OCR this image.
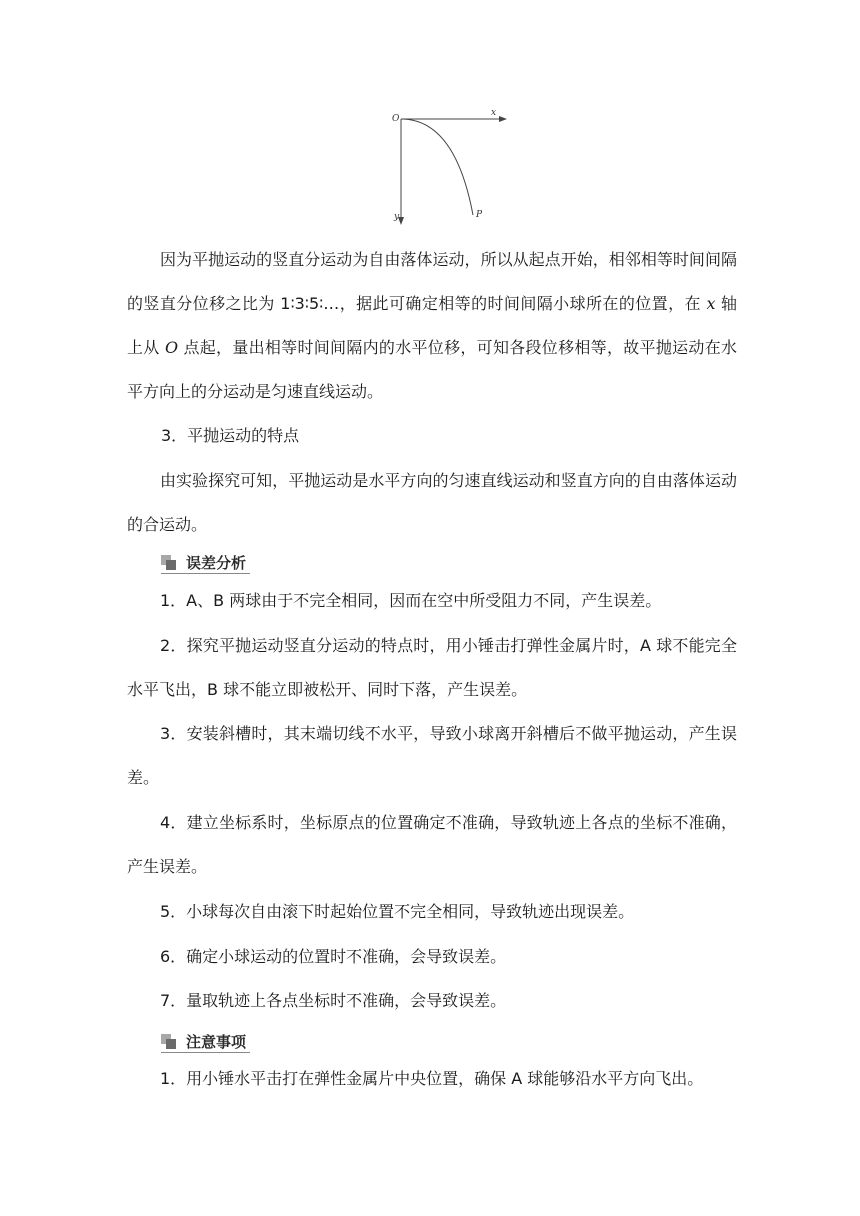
O
x
y	P

因为平抛运动的竖直分运动为自由落体运动，所以从起点开始，相邻相等时间间隔的竖直分位移之比为 1∶3∶5∶…，据此可确定相等的时间间隔小球所在的位置，在 x 轴上从 O 点起，量出相等时间间隔内的水平位移，可知各段位移相等，故平抛运动在水平方向上的分运动是匀速直线运动。

3．平抛运动的特点

由实验探究可知，平抛运动是水平方向的匀速直线运动和竖直方向的自由落体运动的合运动。

误差分析

1．A、B 两球由于不完全相同，因而在空中所受阻力不同，产生误差。

2．探究平抛运动竖直分运动的特点时，用小锤击打弹性金属片时，A 球不能完全水平飞出，B 球不能立即被松开、同时下落，产生误差。

3．安装斜槽时，其末端切线不水平，导致小球离开斜槽后不做平抛运动，产生误差。

4．建立坐标系时，坐标原点的位置确定不准确，导致轨迹上各点的坐标不准确，产生误差。

5．小球每次自由滚下时起始位置不完全相同，导致轨迹出现误差。

6．确定小球运动的位置时不准确，会导致误差。

7．量取轨迹上各点坐标时不准确，会导致误差。

注意事项

1．用小锤水平击打在弹性金属片中央位置，确保 A 球能够沿水平方向飞出。
